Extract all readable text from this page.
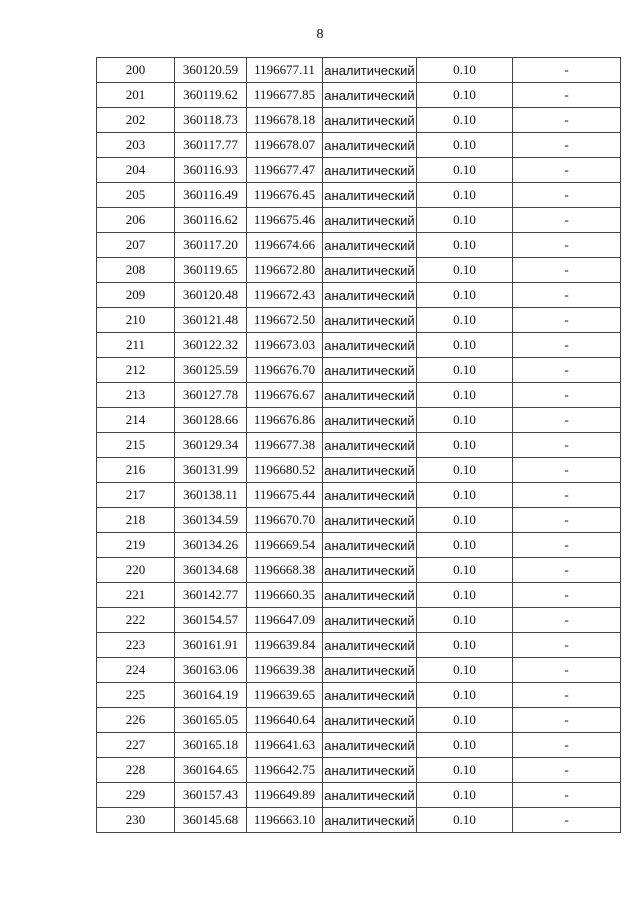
8
200	360120.59	1196677.11	аналитический	0.10	-
201	360119.62	1196677.85	аналитический	0.10	-
202	360118.73	1196678.18	аналитический	0.10	-
203	360117.77	1196678.07	аналитический	0.10	-
204	360116.93	1196677.47	аналитический	0.10	-
205	360116.49	1196676.45	аналитический	0.10	-
206	360116.62	1196675.46	аналитический	0.10	-
207	360117.20	1196674.66	аналитический	0.10	-
208	360119.65	1196672.80	аналитический	0.10	-
209	360120.48	1196672.43	аналитический	0.10	-
210	360121.48	1196672.50	аналитический	0.10	-
211	360122.32	1196673.03	аналитический	0.10	-
212	360125.59	1196676.70	аналитический	0.10	-
213	360127.78	1196676.67	аналитический	0.10	-
214	360128.66	1196676.86	аналитический	0.10	-
215	360129.34	1196677.38	аналитический	0.10	-
216	360131.99	1196680.52	аналитический	0.10	-
217	360138.11	1196675.44	аналитический	0.10	-
218	360134.59	1196670.70	аналитический	0.10	-
219	360134.26	1196669.54	аналитический	0.10	-
220	360134.68	1196668.38	аналитический	0.10	-
221	360142.77	1196660.35	аналитический	0.10	-
222	360154.57	1196647.09	аналитический	0.10	-
223	360161.91	1196639.84	аналитический	0.10	-
224	360163.06	1196639.38	аналитический	0.10	-
225	360164.19	1196639.65	аналитический	0.10	-
226	360165.05	1196640.64	аналитический	0.10	-
227	360165.18	1196641.63	аналитический	0.10	-
228	360164.65	1196642.75	аналитический	0.10	-
229	360157.43	1196649.89	аналитический	0.10	-
230	360145.68	1196663.10	аналитический	0.10	-
